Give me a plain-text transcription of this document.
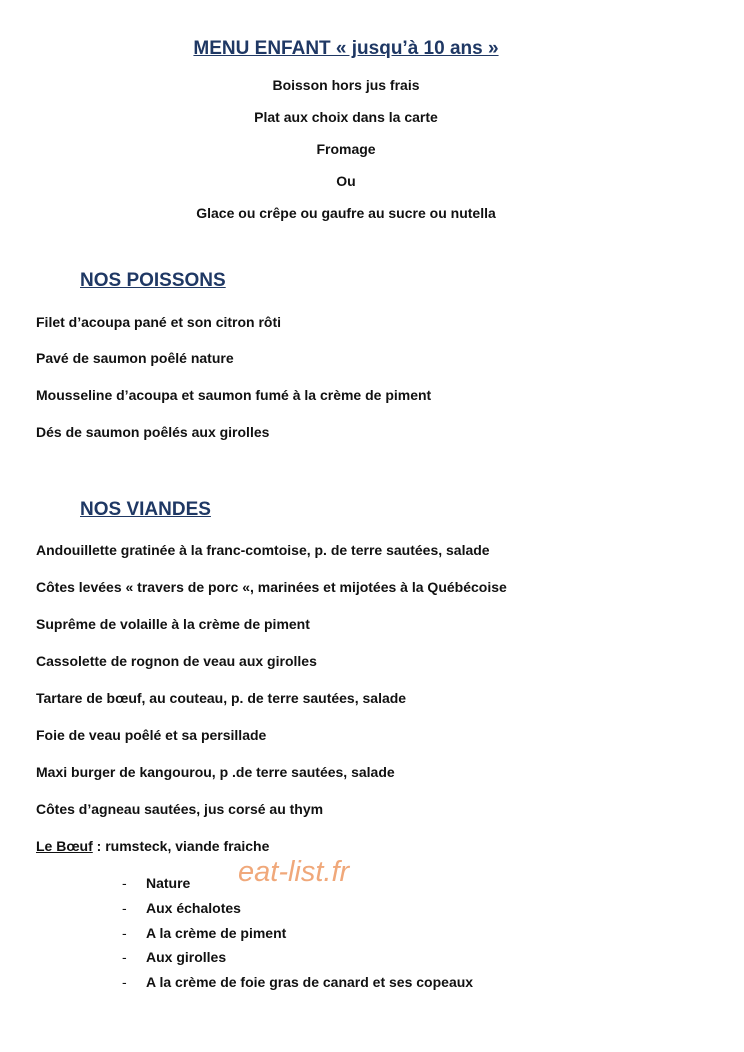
MENU ENFANT « jusqu’à 10 ans »
Boisson hors jus frais
Plat aux choix dans la carte
Fromage
Ou
Glace ou crêpe ou gaufre au sucre ou nutella
NOS POISSONS
Filet d’acoupa pané et son citron rôti
Pavé de saumon poêlé nature
Mousseline d’acoupa et saumon fumé à la crème de piment
Dés de saumon poêlés aux girolles
NOS VIANDES
Andouillette gratinée à la franc-comtoise, p. de terre sautées, salade
Côtes levées « travers de porc «, marinées et mijotées à la Québécoise
Suprême de volaille à la crème de piment
Cassolette de rognon de veau aux girolles
Tartare de bœuf, au couteau, p. de terre sautées, salade
Foie de veau poêlé et sa persillade
Maxi burger de kangourou, p .de terre sautées, salade
Côtes d’agneau sautées, jus corsé au thym
Le Bœuf : rumsteck, viande fraiche
- Nature
- Aux échalotes
- A la crème de piment
- Aux girolles
- A la crème de foie gras de canard et ses copeaux
eat-list.fr
